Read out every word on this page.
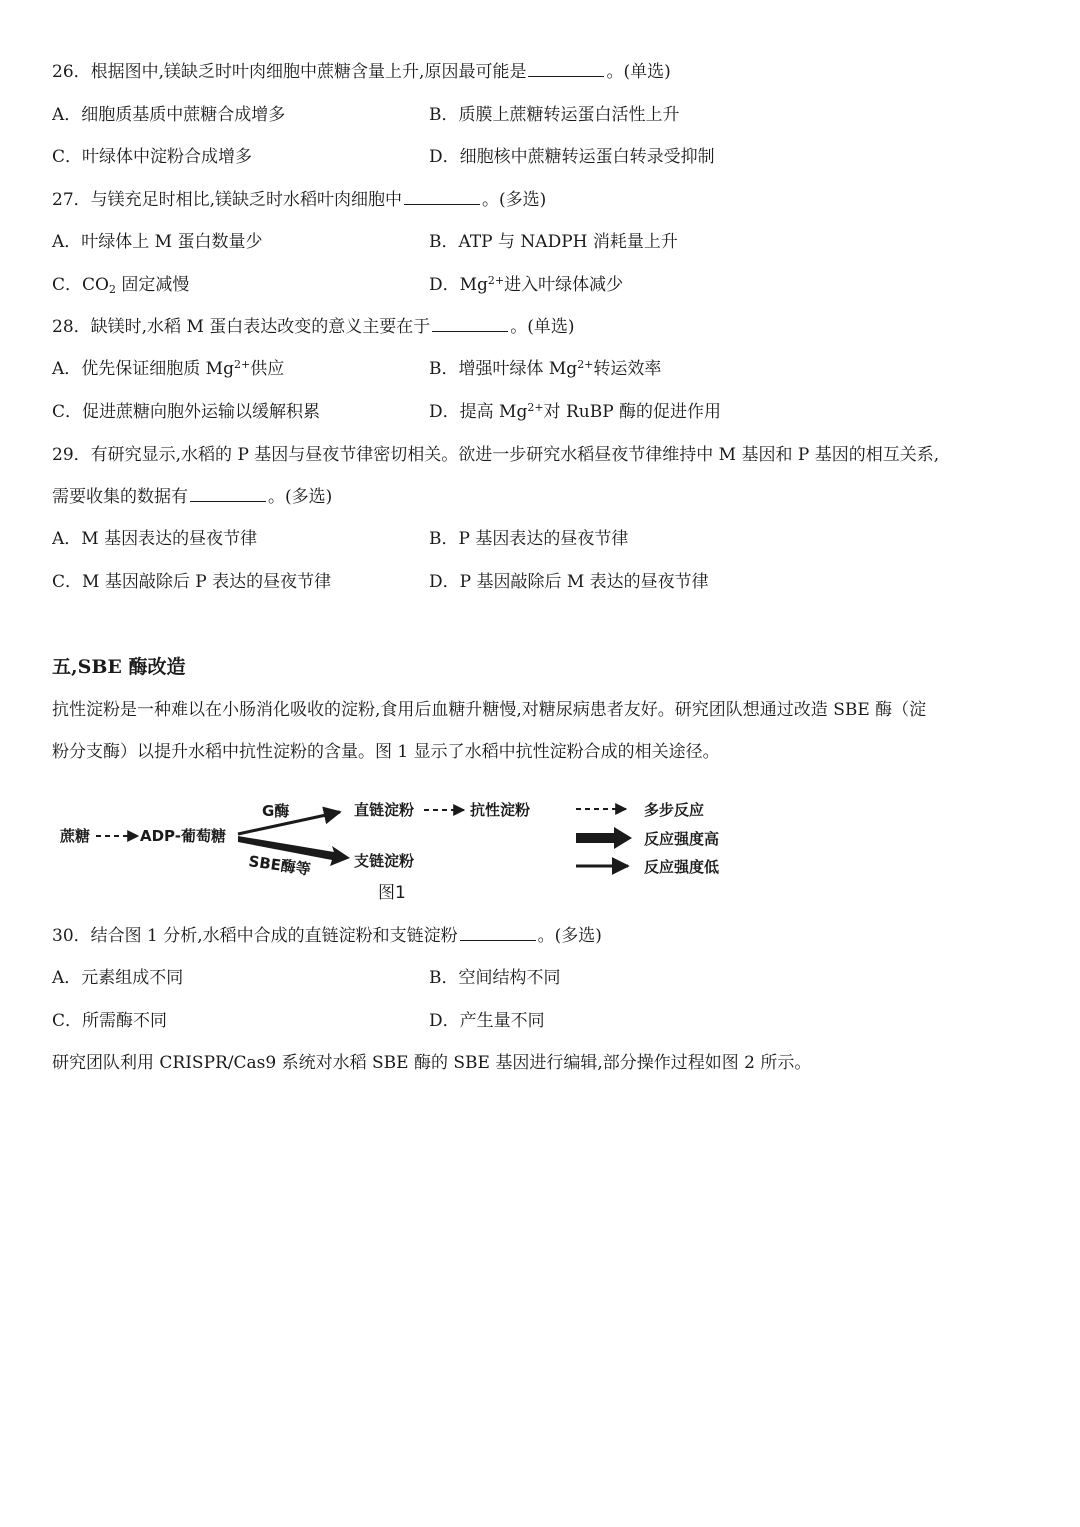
26．根据图中,镁缺乏时叶肉细胞中蔗糖含量上升,原因最可能是	。(单选)
A．细胞质基质中蔗糖合成增多	B．质膜上蔗糖转运蛋白活性上升
C．叶绿体中淀粉合成增多	D．细胞核中蔗糖转运蛋白转录受抑制
27．与镁充足时相比,镁缺乏时水稻叶肉细胞中	。(多选)
A．叶绿体上 M 蛋白数量少	B．ATP 与 NADPH 消耗量上升
C．$CO_2$ 固定减慢	D．$Mg^{2+}$进入叶绿体减少
28．缺镁时,水稻 M 蛋白表达改变的意义主要在于	。(单选)
A．优先保证细胞质 $Mg^{2+}$供应	B．增强叶绿体 $Mg^{2+}$转运效率
C．促进蔗糖向胞外运输以缓解积累	D．提高 $Mg^{2+}$对 RuBP 酶的促进作用
29．有研究显示,水稻的 P 基因与昼夜节律密切相关。欲进一步研究水稻昼夜节律维持中 M 基因和 P 基因的相互关系,
需要收集的数据有	。(多选)
A．M 基因表达的昼夜节律	B．P 基因表达的昼夜节律
C．M 基因敲除后 P 表达的昼夜节律	D．P 基因敲除后 M 表达的昼夜节律
五,SBE 酶改造
抗性淀粉是一种难以在小肠消化吸收的淀粉,食用后血糖升糖慢,对糖尿病患者友好。研究团队想通过改造 SBE 酶（淀
粉分支酶）以提升水稻中抗性淀粉的含量。图 1 显示了水稻中抗性淀粉合成的相关途径。
蔗糖	ADP-葡萄糖
G酶
SBE酶等
直链淀粉	抗性淀粉
支链淀粉
多步反应
反应强度高
反应强度低
图1
30．结合图 1 分析,水稻中合成的直链淀粉和支链淀粉	。(多选)
A．元素组成不同	B．空间结构不同
C．所需酶不同	D．产生量不同
研究团队利用 CRISPR/Cas9 系统对水稻 SBE 酶的 SBE 基因进行编辑,部分操作过程如图 2 所示。
